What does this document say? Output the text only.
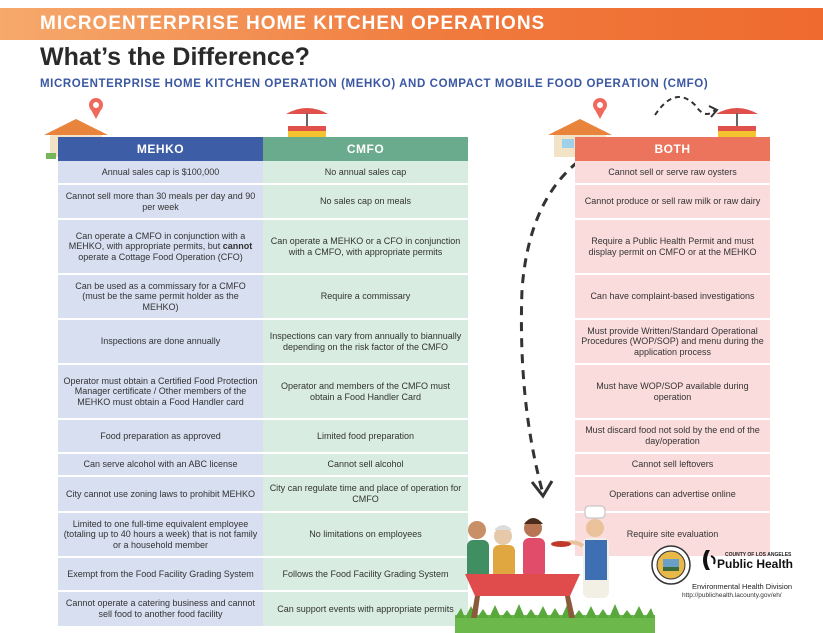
MICROENTERPRISE HOME KITCHEN OPERATIONS
What’s the Difference?
MICROENTERPRISE HOME KITCHEN OPERATION (MEHKO) AND COMPACT MOBILE FOOD OPERATION (CMFO)
MEHKO
Annual sales cap is $100,000
Cannot sell more than 30 meals per day and 90 per week
Can operate a CMFO in conjunction with a MEHKO, with appropriate permits, but cannot operate a Cottage Food Operation (CFO)
Can be used as a commissary for a CMFO (must be the same permit holder as the MEHKO)
Inspections are done annually
Operator must obtain a Certified Food Protection Manager certificate / Other members of the MEHKO must obtain a Food Handler card
Food preparation as approved
Can serve alcohol with an ABC license
City cannot use zoning laws to prohibit MEHKO
Limited to one full-time equivalent employee (totaling up to 40 hours a week) that is not family or a household member
Exempt from the Food Facility Grading System
Cannot operate a catering business and cannot sell food to another food facility
CMFO
No annual sales cap
No sales cap on meals
Can operate a MEHKO or a CFO in conjunction with a CMFO, with appropriate permits
Require a commissary
Inspections can vary from annually to biannually depending on the risk factor of the CMFO
Operator and members of the CMFO must obtain a Food Handler Card
Limited food preparation
Cannot sell alcohol
City can regulate time and place of operation for CMFO
No limitations on employees
Follows the Food Facility Grading System
Can support events with appropriate permits
BOTH
Cannot sell or serve raw oysters
Cannot produce or sell raw milk or raw dairy
Require a Public Health Permit and must display permit on CMFO or at the MEHKO
Can have complaint-based investigations
Must provide Written/Standard Operational Procedures (WOP/SOP) and menu during the application process
Must have WOP/SOP available during operation
Must discard food not sold by the end of the day/operation
Cannot sell leftovers
Operations can advertise online
Require site evaluation
COUNTY OF LOS ANGELES
Public Health
Environmental Health Division
http://publichealth.lacounty.gov/eh/
